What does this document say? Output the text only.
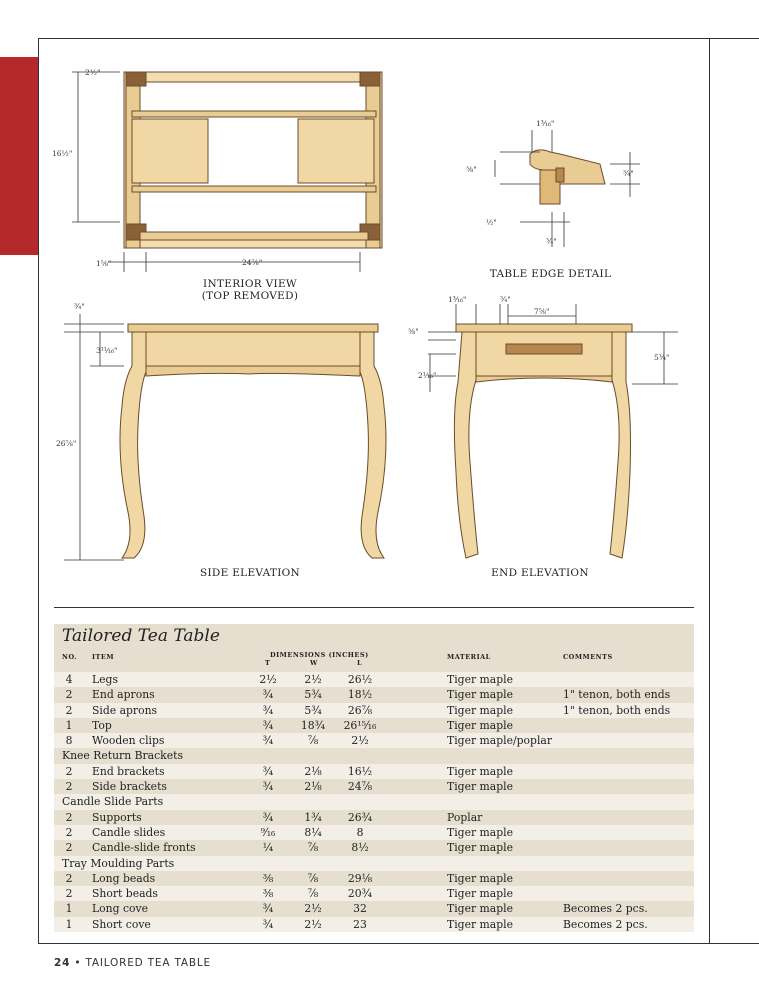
2½"
16½"
1⅝"	24⅞"
INTERIOR VIEW
(TOP REMOVED)
1³⁄₁₆"
⅜"	¾"
½"
¾"
TABLE EDGE DETAIL
¾"
3¹¹⁄₁₆"
26⅞"
SIDE ELEVATION
1³⁄₁₆"	¾"
7⅝"
⅜"
2¹⁄₁₆"
5¾"
END ELEVATION
Tailored Tea Table
NO. ITEM	DIMENSIONS (INCHES)
T	W	L
MATERIAL	COMMENTS
4	Legs	2½	2½	26½	Tiger maple
2	End aprons	¾	5¾	18½	Tiger maple	1" tenon, both ends
2	Side aprons	¾	5¾	26⅞	Tiger maple	1" tenon, both ends
1	Top	¾	18¾	26¹⁵⁄₁₆	Tiger maple
8	Wooden clips	¾	⅞	2½	Tiger maple/poplar
Knee Return Brackets
2	End brackets	¾	2⅛	16½	Tiger maple
2	Side brackets	¾	2⅛	24⅞	Tiger maple
Candle Slide Parts
2	Supports	¾	1¾	26¾	Poplar
2	Candle slides	⁹⁄₁₆	8¼	8	Tiger maple
2	Candle-slide fronts	¼	⅞	8½	Tiger maple
Tray Moulding Parts
2	Long beads	⅜	⅞	29⅛	Tiger maple
2	Short beads	⅜	⅞	20¾	Tiger maple
1	Long cove	¾	2½	32	Tiger maple	Becomes 2 pcs.
1	Short cove	¾	2½	23	Tiger maple	Becomes 2 pcs.
24 • TAILORED TEA TABLE
